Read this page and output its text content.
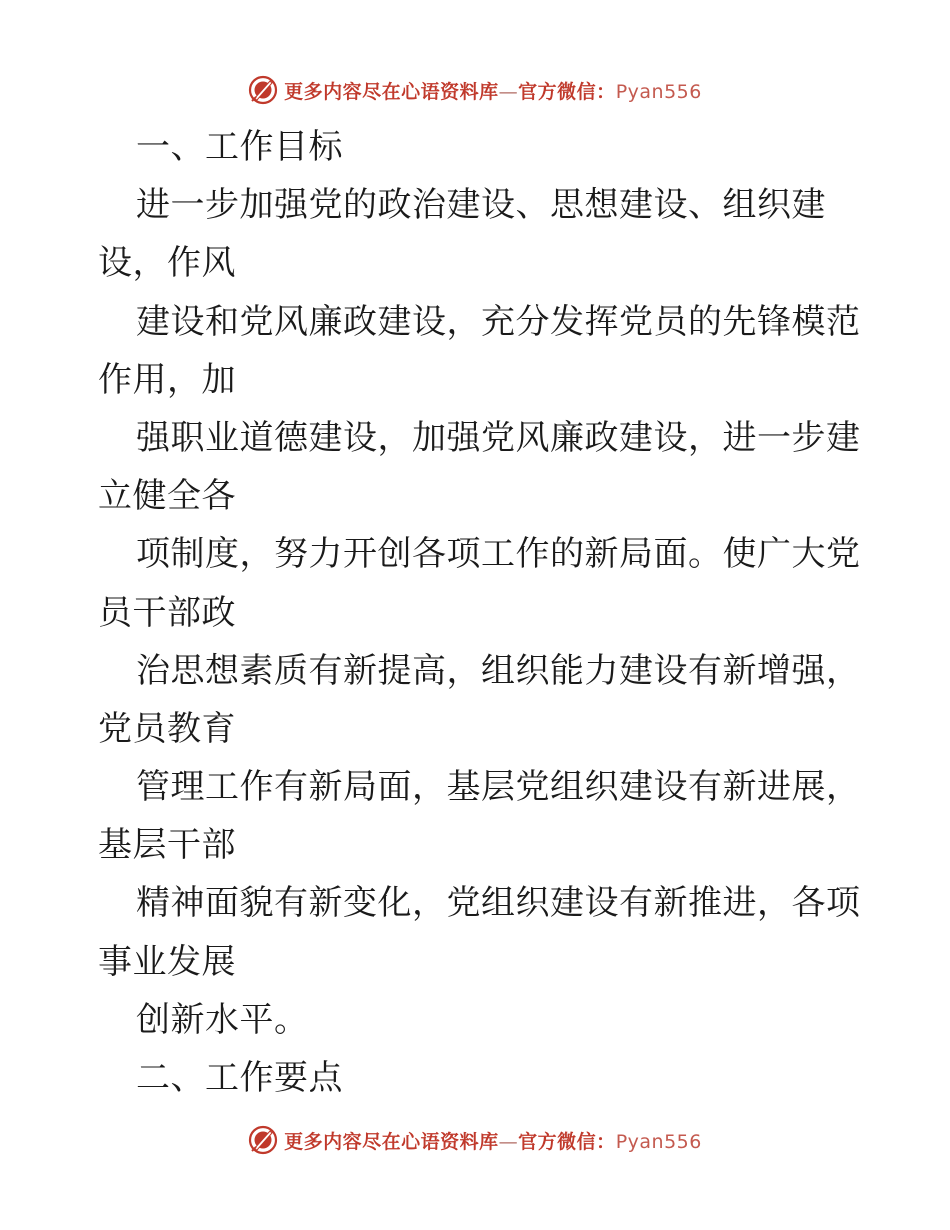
更多内容尽在心语资料库—官方微信：Pyan556
一、工作目标
进一步加强党的政治建设、思想建设、组织建
设，作风
建设和党风廉政建设，充分发挥党员的先锋模范
作用，加
强职业道德建设，加强党风廉政建设，进一步建
立健全各
项制度，努力开创各项工作的新局面。使广大党
员干部政
治思想素质有新提高，组织能力建设有新增强，
党员教育
管理工作有新局面，基层党组织建设有新进展，
基层干部
精神面貌有新变化，党组织建设有新推进，各项
事业发展
创新水平。
二、工作要点
更多内容尽在心语资料库—官方微信：Pyan556
